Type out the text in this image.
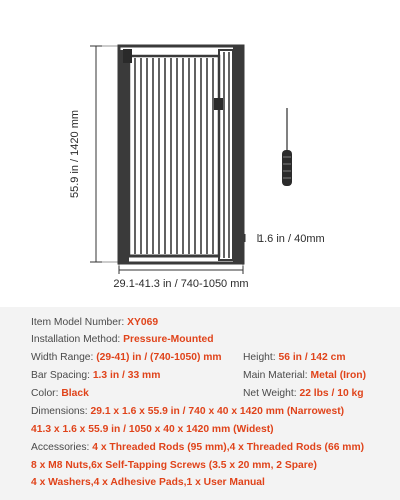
55.9 in / 1420 mm
1.6 in / 40mm
29.1-41.3 in / 740-1050 mm
Item Model Number: XY069
Installation Method: Pressure-Mounted
Width Range: (29-41) in / (740-1050) mm Height: 56 in / 142 cm
Bar Spacing: 1.3 in / 33 mm	Main Material: Metal (Iron)
Color: Black	Net Weight: 22 lbs / 10 kg
Dimensions: 29.1 x 1.6 x 55.9 in / 740 x 40 x 1420 mm (Narrowest)
41.3 x 1.6 x 55.9 in / 1050 x 40 x 1420 mm (Widest)
Accessories: 4 x Threaded Rods (95 mm),4 x Threaded Rods (66 mm)
8 x M8 Nuts,6x Self-Tapping Screws (3.5 x 20 mm, 2 Spare)
4 x Washers,4 x Adhesive Pads,1 x User Manual
